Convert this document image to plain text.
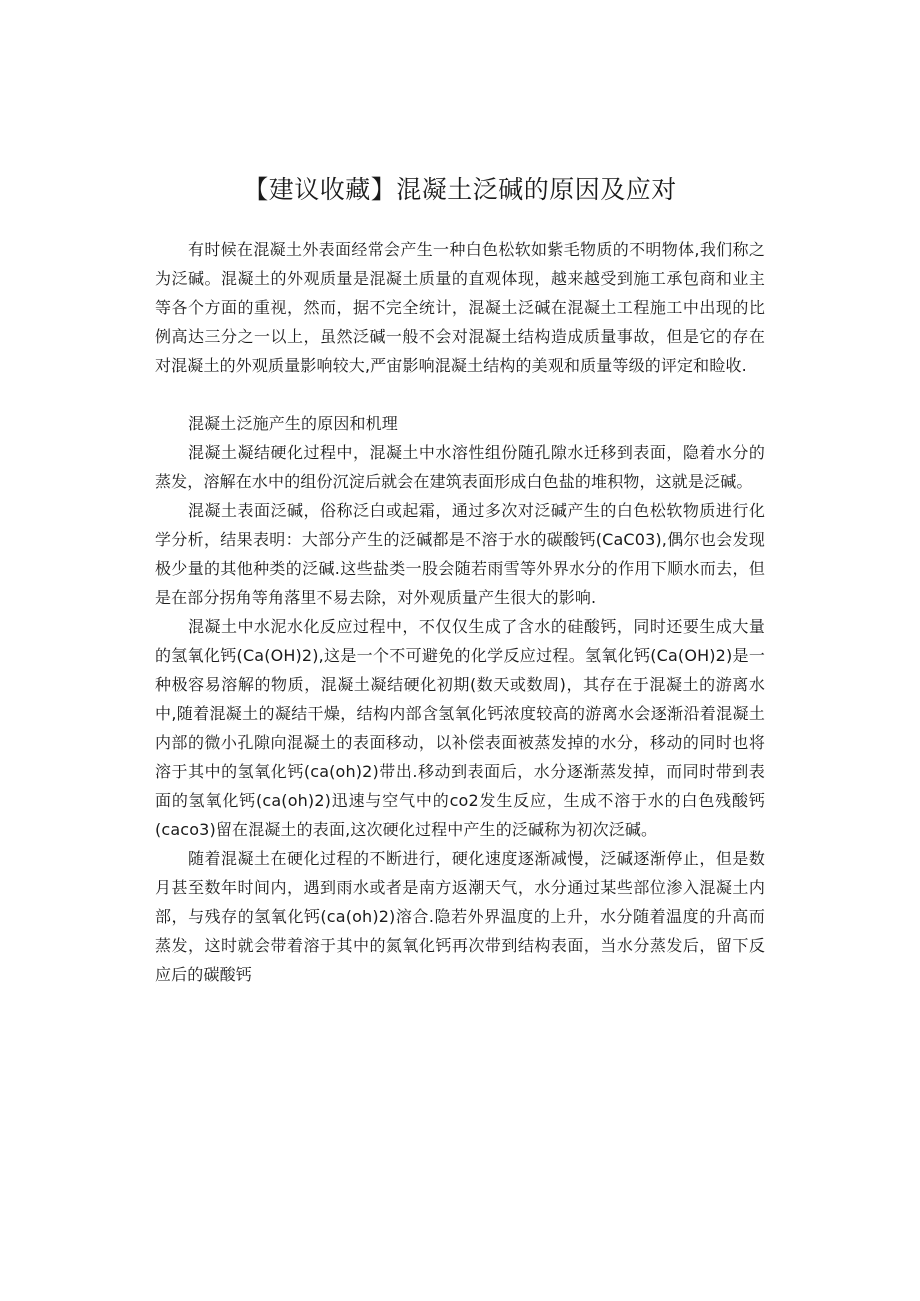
【建议收藏】混凝土泛碱的原因及应对

有时候在混凝土外表面经常会产生一种白色松软如紫毛物质的不明物体,我们称之为泛碱。混凝土的外观质量是混凝土质量的直观体现，越来越受到施工承包商和业主等各个方面的重视，然而，据不完全统计，混凝土泛碱在混凝土工程施工中出现的比例高达三分之一以上，虽然泛碱一般不会对混凝土结构造成质量事故，但是它的存在对混凝土的外观质量影响较大,严宙影响混凝土结构的美观和质量等级的评定和睑收.

混凝土泛施产生的原因和机理

混凝土凝结硬化过程中，混凝土中水溶性组份随孔隙水迁移到表面，隐着水分的蒸发，溶解在水中的组份沉淀后就会在建筑表面形成白色盐的堆积物，这就是泛碱。

混凝土表面泛碱，俗称泛白或起霜，通过多次对泛碱产生的白色松软物质进行化学分析，结果表明：大部分产生的泛碱都是不溶于水的碳酸钙(CaC03),偶尔也会发现极少量的其他种类的泛碱.这些盐类一股会随若雨雪等外界水分的作用下顺水而去，但是在部分拐角等角落里不易去除，对外观质量产生很大的影响.

混凝土中水泥水化反应过程中，不仅仅生成了含水的硅酸钙，同时还要生成大量的氢氧化钙(Ca(OH)2),这是一个不可避免的化学反应过程。氢氧化钙(Ca(OH)2)是一种极容易溶解的物质，混凝土凝结硬化初期(数天或数周)，其存在于混凝土的游离水中,随着混凝土的凝结干燥，结构内部含氢氧化钙浓度较高的游离水会逐渐沿着混凝土内部的微小孔隙向混凝土的表面移动，以补偿表面被蒸发掉的水分，移动的同时也将溶于其中的氢氧化钙(ca(oh)2)带出.移动到表面后，水分逐渐蒸发掉，而同时带到表面的氢氧化钙(ca(oh)2)迅速与空气中的co2发生反应，生成不溶于水的白色残酸钙(caco3)留在混凝土的表面,这次硬化过程中产生的泛碱称为初次泛碱。

随着混凝土在硬化过程的不断进行，硬化速度逐渐减慢，泛碱逐渐停止，但是数月甚至数年时间内，遇到雨水或者是南方返潮天气，水分通过某些部位渗入混凝土内部，与残存的氢氧化钙(ca(oh)2)溶合.隐若外界温度的上升，水分随着温度的升高而蒸发，这时就会带着溶于其中的氮氧化钙再次带到结构表面，当水分蒸发后，留下反应后的碳酸钙
